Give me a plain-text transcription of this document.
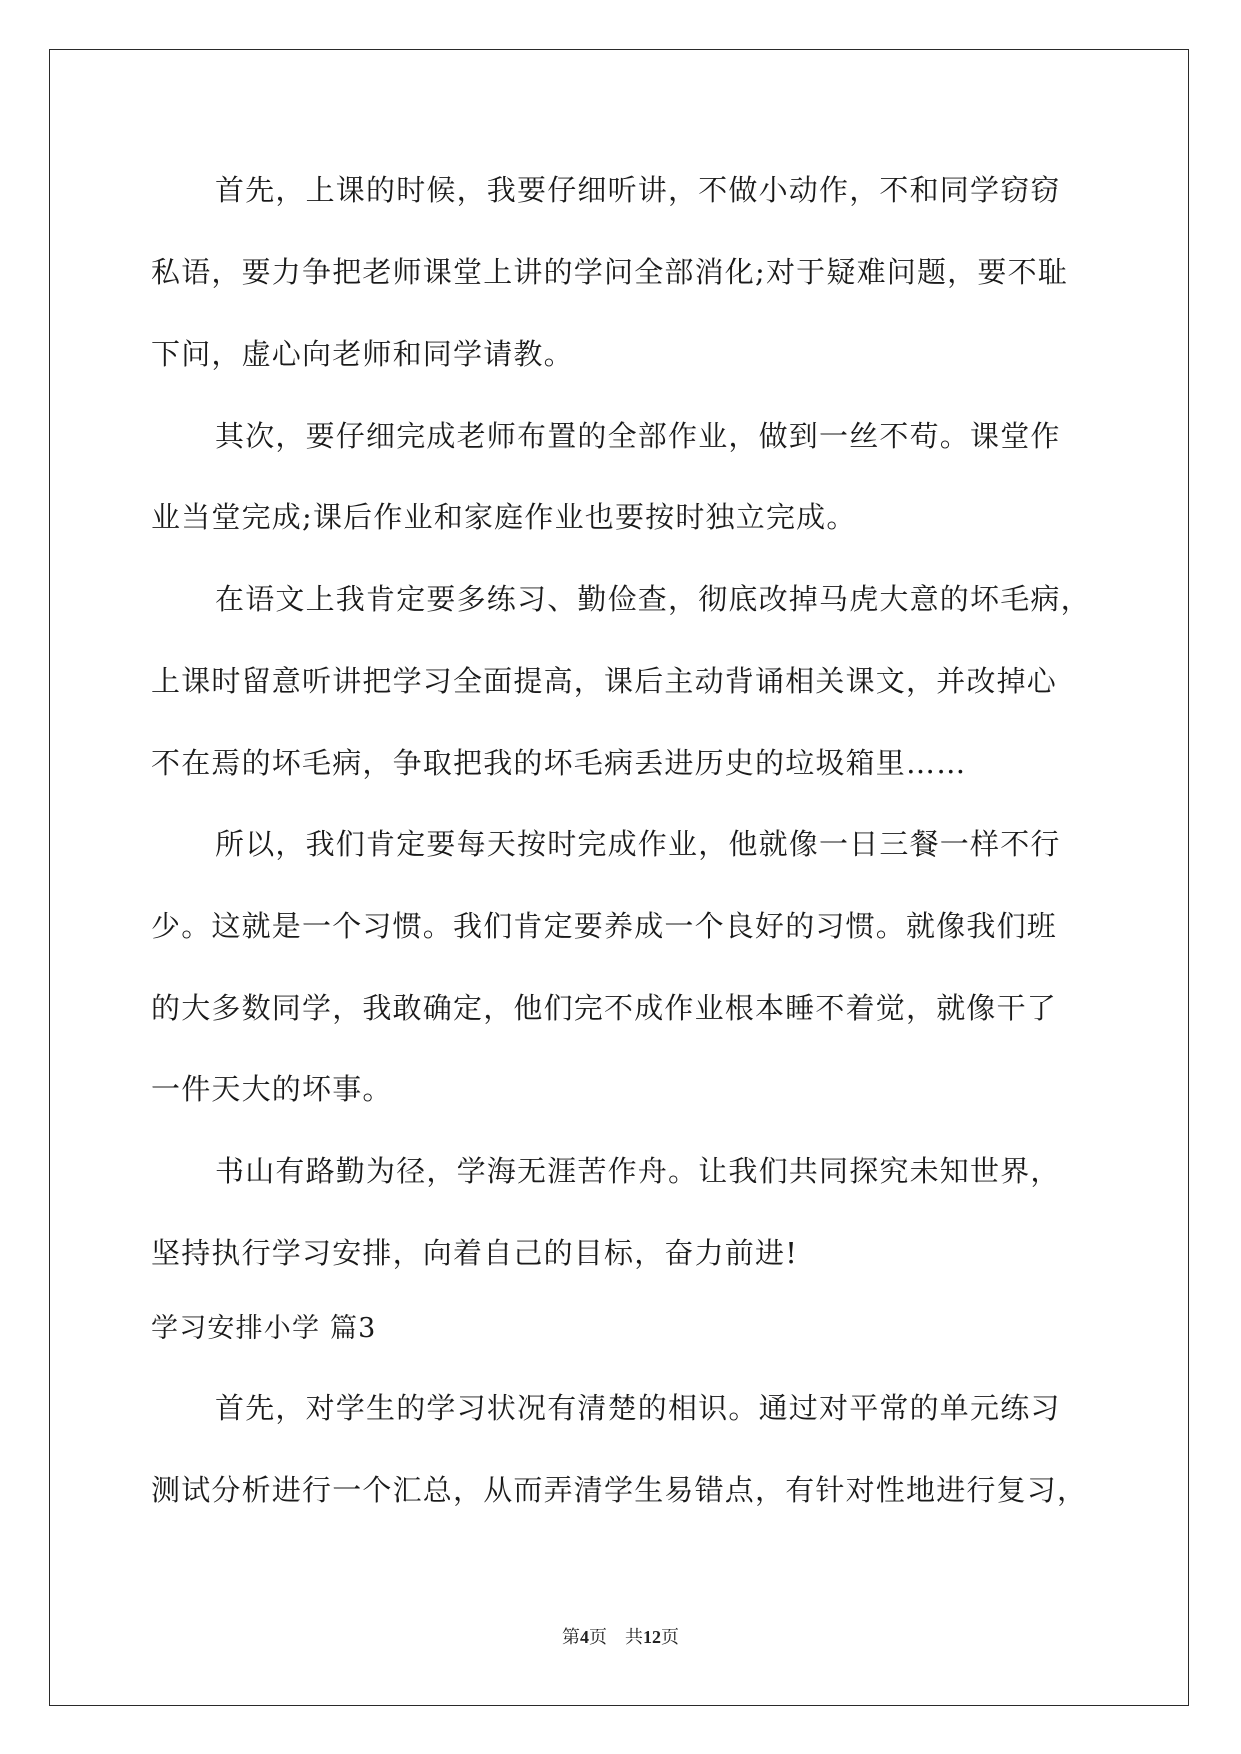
首先，上课的时候，我要仔细听讲，不做小动作，不和同学窃窃
私语，要力争把老师课堂上讲的学问全部消化;对于疑难问题，要不耻
下问，虚心向老师和同学请教。
其次，要仔细完成老师布置的全部作业，做到一丝不苟。课堂作
业当堂完成;课后作业和家庭作业也要按时独立完成。
在语文上我肯定要多练习、勤俭查，彻底改掉马虎大意的坏毛病，
上课时留意听讲把学习全面提高，课后主动背诵相关课文，并改掉心
不在焉的坏毛病，争取把我的坏毛病丢进历史的垃圾箱里……
所以，我们肯定要每天按时完成作业，他就像一日三餐一样不行
少。这就是一个习惯。我们肯定要养成一个良好的习惯。就像我们班
的大多数同学，我敢确定，他们完不成作业根本睡不着觉，就像干了
一件天大的坏事。
书山有路勤为径，学海无涯苦作舟。让我们共同探究未知世界，
坚持执行学习安排，向着自己的目标，奋力前进!
学习安排小学 篇3
首先，对学生的学习状况有清楚的相识。通过对平常的单元练习
测试分析进行一个汇总，从而弄清学生易错点，有针对性地进行复习，
第4页 共12页
